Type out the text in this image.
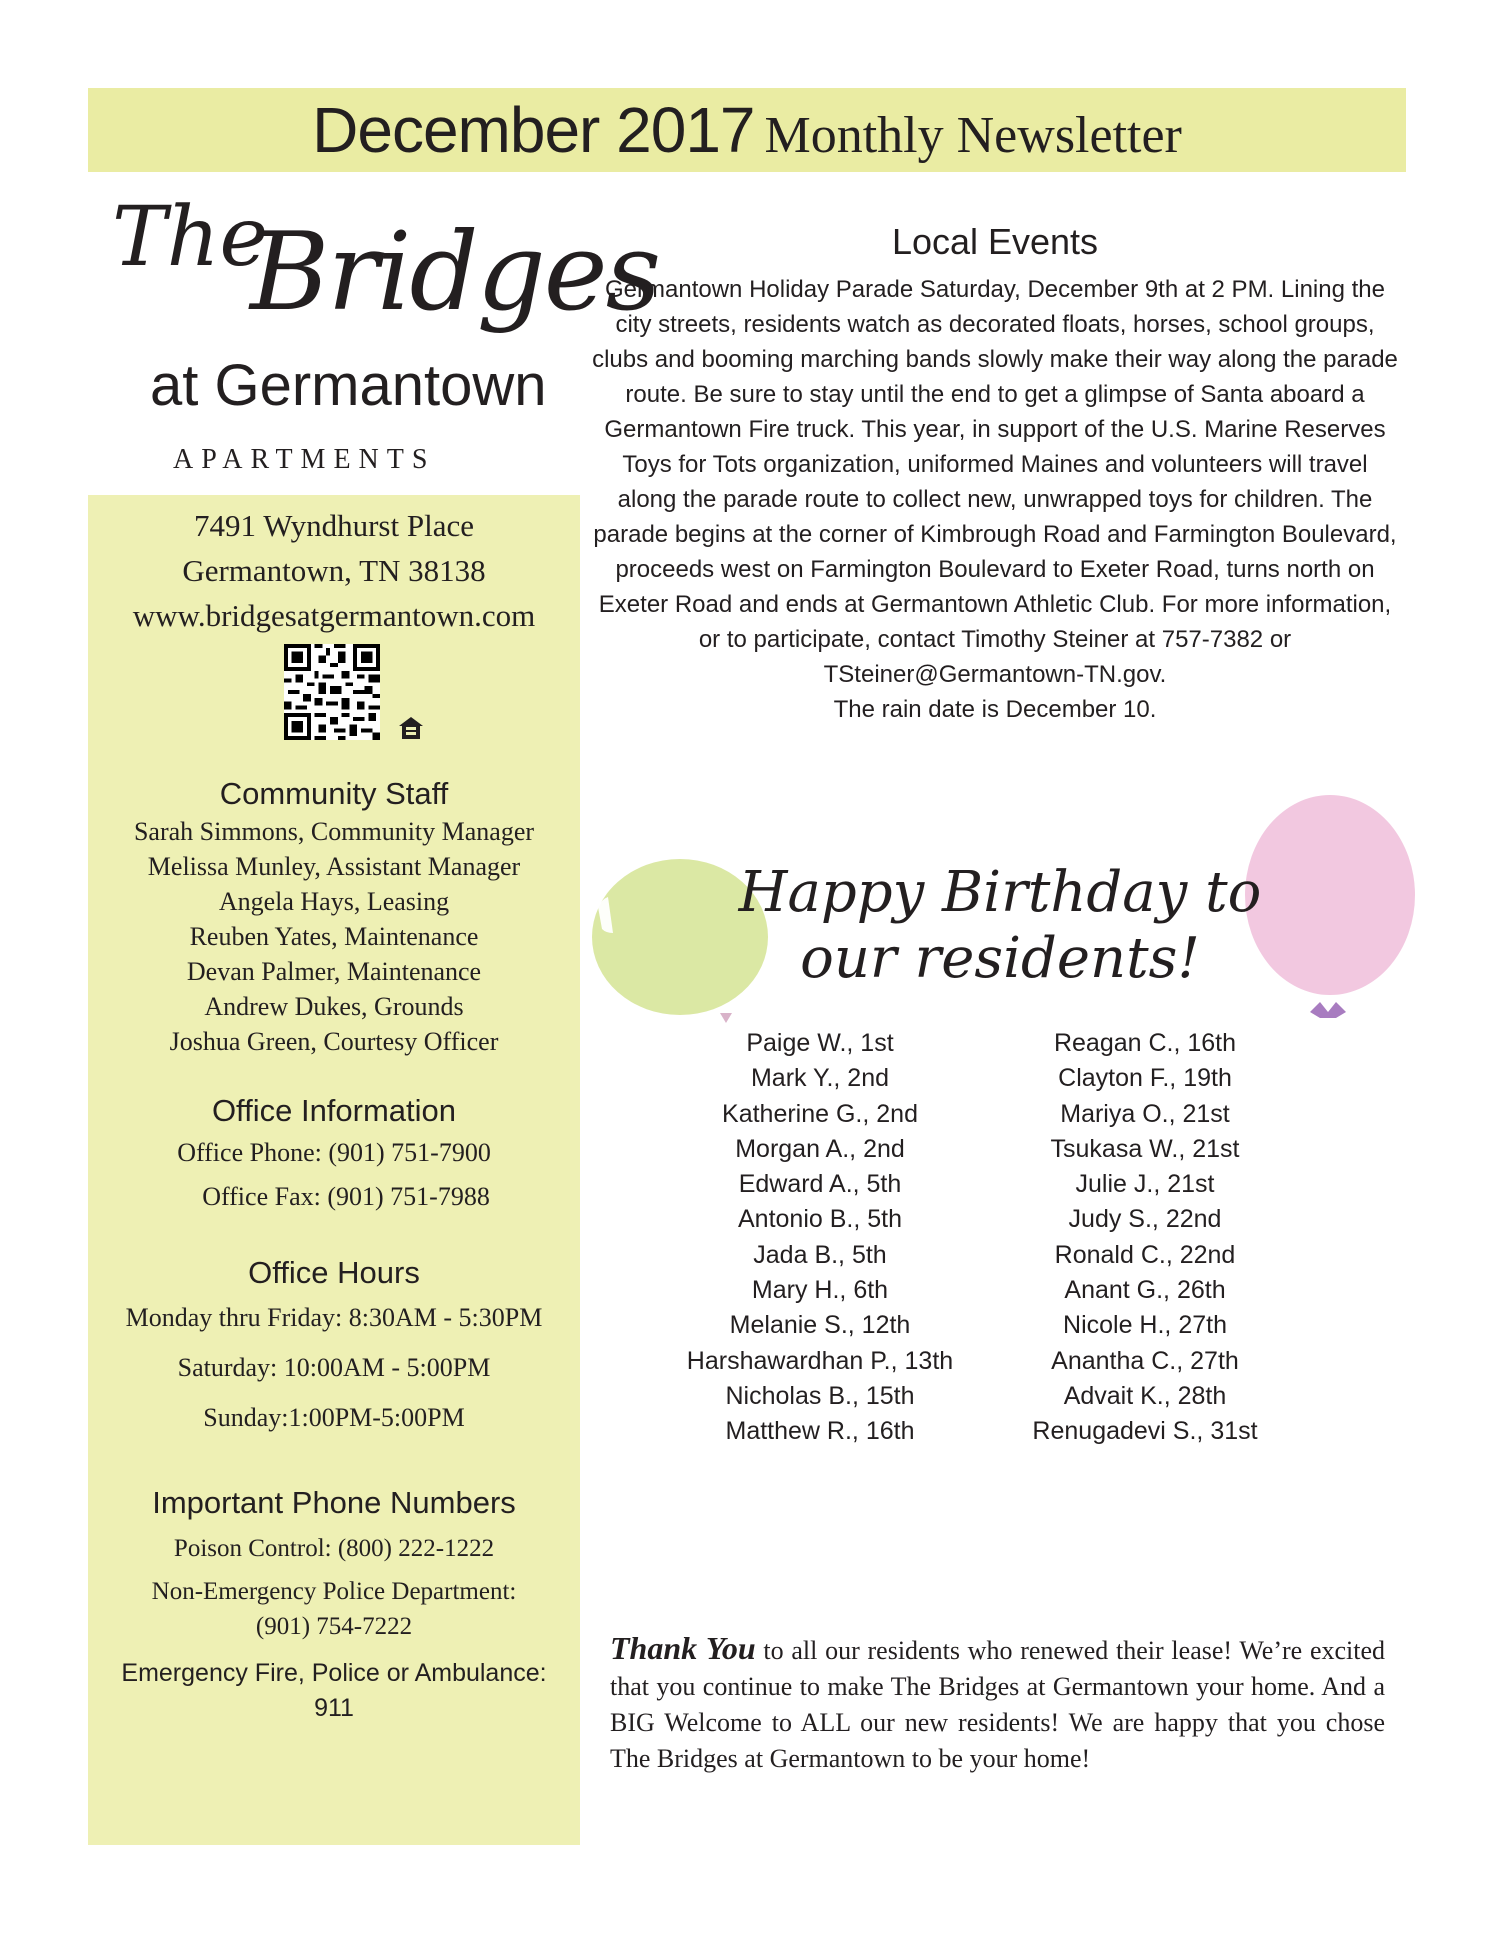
December 2017 Monthly Newsletter
The
Bridges
at Germantown
APARTMENTS
7491 Wyndhurst Place
Germantown, TN 38138
www.bridgesatgermantown.com
Community Staff
Sarah Simmons, Community Manager
Melissa Munley, Assistant Manager
Angela Hays, Leasing
Reuben Yates, Maintenance
Devan Palmer, Maintenance
Andrew Dukes, Grounds
Joshua Green, Courtesy Officer
Office Information
Office Phone: (901) 751-7900
Office Fax: (901) 751-7988
Office Hours
Monday thru Friday: 8:30AM - 5:30PM
Saturday: 10:00AM - 5:00PM
Sunday:1:00PM-5:00PM
Important Phone Numbers
Poison Control: (800) 222-1222
Non-Emergency Police Department:
(901) 754-7222
Emergency Fire, Police or Ambulance:
911
Local Events

Germantown Holiday Parade Saturday, December 9th at 2 PM. Lining the city streets, residents watch as decorated floats, horses, school groups, clubs and booming marching bands slowly make their way along the parade route. Be sure to stay until the end to get a glimpse of Santa aboard a Germantown Fire truck. This year, in support of the U.S. Marine Reserves Toys for Tots organization, uniformed Maines and volunteers will travel along the parade route to collect new, unwrapped toys for children. The parade begins at the corner of Kimbrough Road and Farmington Boulevard, proceeds west on Farmington Boulevard to Exeter Road, turns north on Exeter Road and ends at Germantown Athletic Club. For more information, or to participate, contact Timothy Steiner at 757-7382 or TSteiner@Germantown-TN.gov.

The rain date is December 10.

Happy Birthday to
our residents!
Paige W., 1st
Mark Y., 2nd
Katherine G., 2nd
Morgan A., 2nd
Edward A., 5th
Antonio B., 5th
Jada B., 5th
Mary H., 6th
Melanie S., 12th
Harshawardhan P., 13th
Nicholas B., 15th
Matthew R., 16th
Reagan C., 16th
Clayton F., 19th
Mariya O., 21st
Tsukasa W., 21st
Julie J., 21st
Judy S., 22nd
Ronald C., 22nd
Anant G., 26th
Nicole H., 27th
Anantha C., 27th
Advait K., 28th
Renugadevi S., 31st
Thank You to all our residents who renewed their lease! We’re excited that you continue to make The Bridges at Germantown your home. And a BIG Welcome to ALL our new residents! We are happy that you chose The Bridges at Germantown to be your home!
